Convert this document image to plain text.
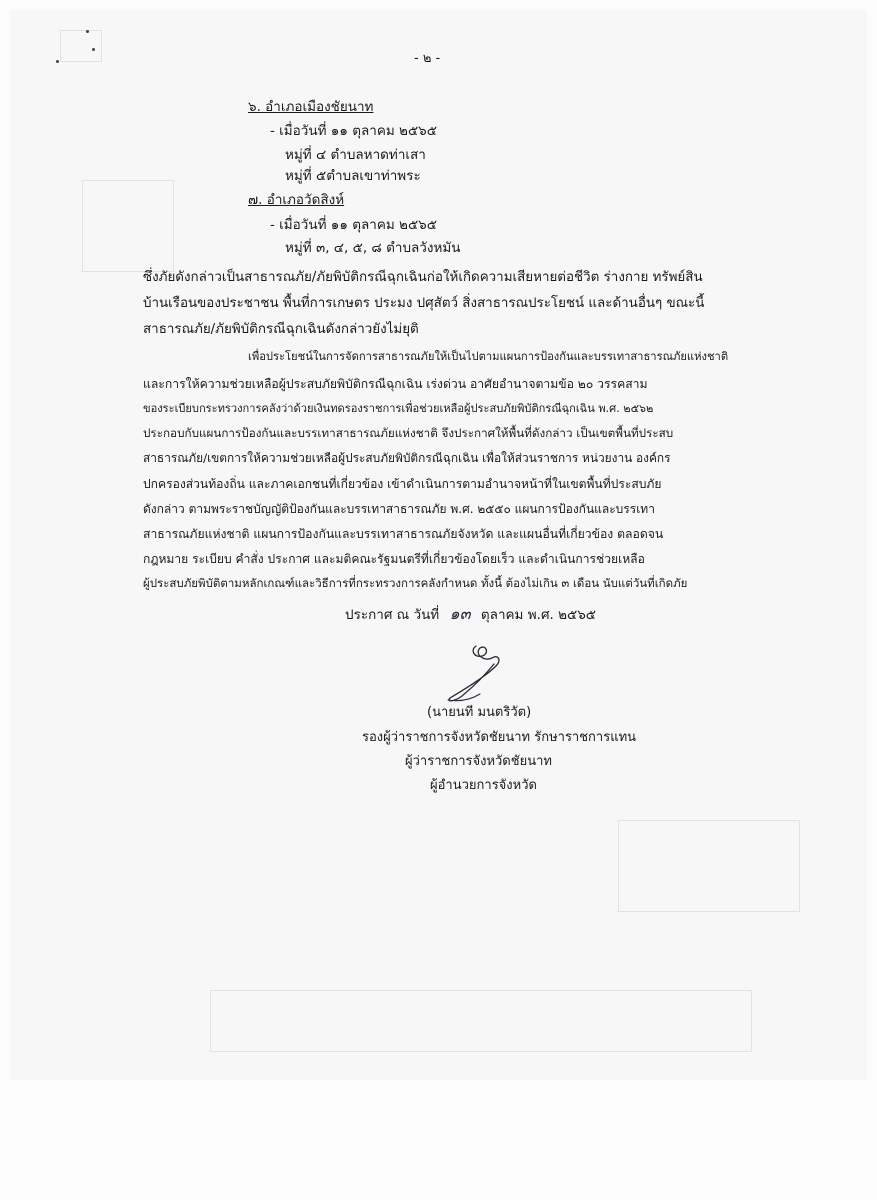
- ๒ -
๖. อำเภอเมืองชัยนาท
- เมื่อวันที่ ๑๑ ตุลาคม ๒๕๖๕
หมู่ที่ ๔ ตำบลหาดท่าเสา
หมู่ที่ ๕ตำบลเขาท่าพระ
๗. อำเภอวัดสิงห์
- เมื่อวันที่ ๑๑ ตุลาคม ๒๕๖๕
หมู่ที่ ๓, ๔, ๕, ๘ ตำบลวังหมัน
ซึ่งภัยดังกล่าวเป็นสาธารณภัย/ภัยพิบัติกรณีฉุกเฉินก่อให้เกิดความเสียหายต่อชีวิต ร่างกาย ทรัพย์สิน
บ้านเรือนของประชาชน พื้นที่การเกษตร ประมง ปศุสัตว์ สิ่งสาธารณประโยชน์ และด้านอื่นๆ ขณะนี้
สาธารณภัย/ภัยพิบัติกรณีฉุกเฉินดังกล่าวยังไม่ยุติ
เพื่อประโยชน์ในการจัดการสาธารณภัยให้เป็นไปตามแผนการป้องกันและบรรเทาสาธารณภัยแห่งชาติ
และการให้ความช่วยเหลือผู้ประสบภัยพิบัติกรณีฉุกเฉิน เร่งด่วน อาศัยอำนาจตามข้อ ๒๐ วรรคสาม
ของระเบียบกระทรวงการคลังว่าด้วยเงินทดรองราชการเพื่อช่วยเหลือผู้ประสบภัยพิบัติกรณีฉุกเฉิน พ.ศ. ๒๕๖๒
ประกอบกับแผนการป้องกันและบรรเทาสาธารณภัยแห่งชาติ จึงประกาศให้พื้นที่ดังกล่าว เป็นเขตพื้นที่ประสบ
สาธารณภัย/เขตการให้ความช่วยเหลือผู้ประสบภัยพิบัติกรณีฉุกเฉิน เพื่อให้ส่วนราชการ หน่วยงาน องค์กร
ปกครองส่วนท้องถิ่น และภาคเอกชนที่เกี่ยวข้อง เข้าดำเนินการตามอำนาจหน้าที่ในเขตพื้นที่ประสบภัย
ดังกล่าว ตามพระราชบัญญัติป้องกันและบรรเทาสาธารณภัย พ.ศ. ๒๕๕๐ แผนการป้องกันและบรรเทา
สาธารณภัยแห่งชาติ แผนการป้องกันและบรรเทาสาธารณภัยจังหวัด และแผนอื่นที่เกี่ยวข้อง ตลอดจน
กฎหมาย ระเบียบ คำสั่ง ประกาศ และมติคณะรัฐมนตรีที่เกี่ยวข้องโดยเร็ว และดำเนินการช่วยเหลือ
ผู้ประสบภัยพิบัติตามหลักเกณฑ์และวิธีการที่กระทรวงการคลังกำหนด ทั้งนี้ ต้องไม่เกิน ๓ เดือน นับแต่วันที่เกิดภัย
ประกาศ ณ วันที่ ๑๓ ตุลาคม พ.ศ. ๒๕๖๕
(นายนที มนตริวัต)
รองผู้ว่าราชการจังหวัดชัยนาท รักษาราชการแทน
ผู้ว่าราชการจังหวัดชัยนาท
ผู้อำนวยการจังหวัด
